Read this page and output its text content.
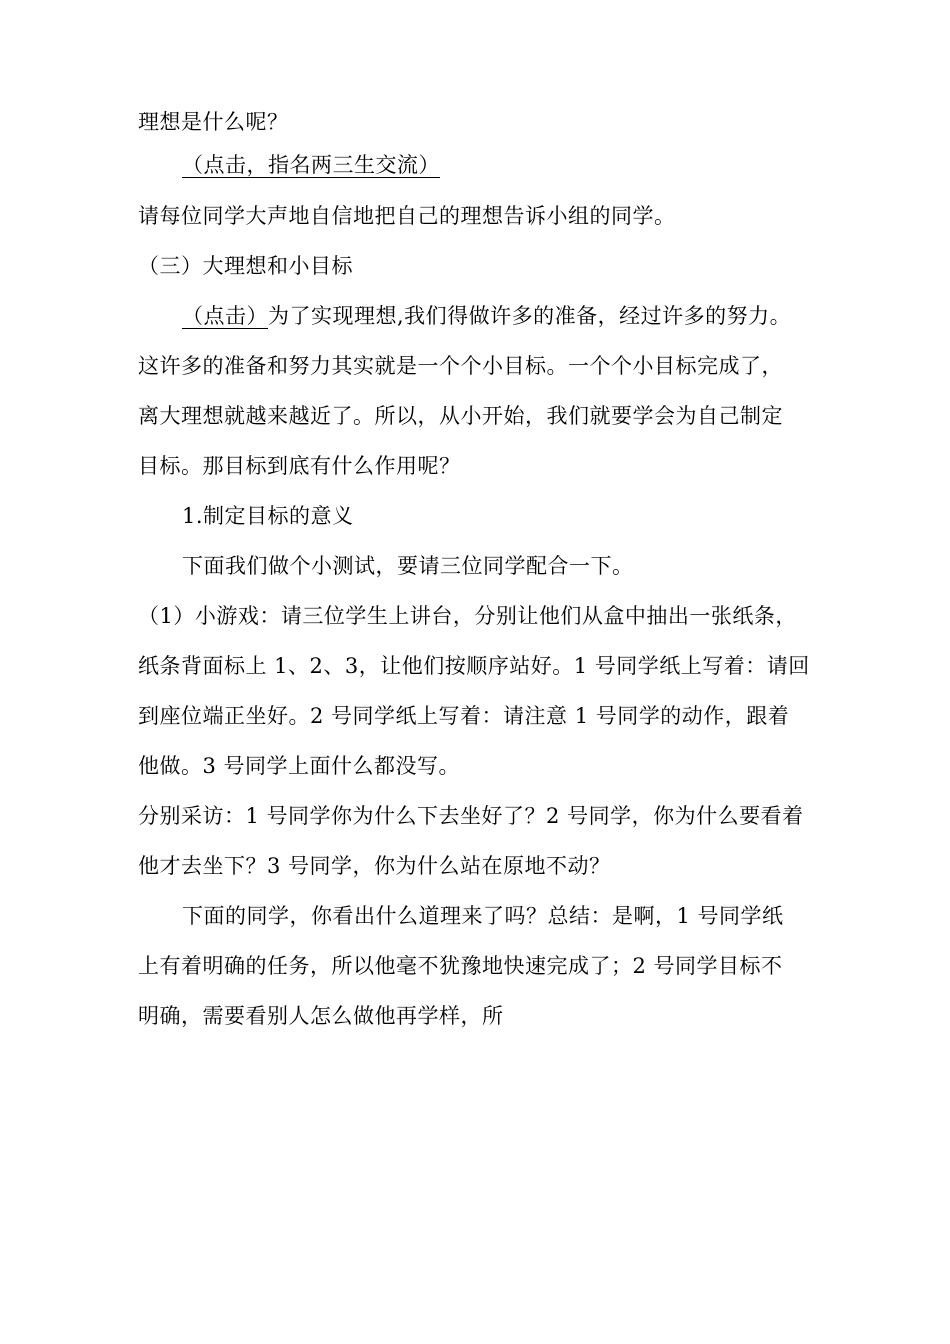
理想是什么呢？
（点击，指名两三生交流）
请每位同学大声地自信地把自己的理想告诉小组的同学。
（三）大理想和小目标
（点击）为了实现理想,我们得做许多的准备，经过许多的努力。
这许多的准备和努力其实就是一个个小目标。一个个小目标完成了，
离大理想就越来越近了。所以，从小开始，我们就要学会为自己制定
目标。那目标到底有什么作用呢？
1.制定目标的意义
下面我们做个小测试，要请三位同学配合一下。
（1）小游戏：请三位学生上讲台，分别让他们从盒中抽出一张纸条，
纸条背面标上 1、2、3，让他们按顺序站好。1 号同学纸上写着：请回
到座位端正坐好。2 号同学纸上写着：请注意 1 号同学的动作，跟着
他做。3 号同学上面什么都没写。
分别采访：1 号同学你为什么下去坐好了？2 号同学，你为什么要看着
他才去坐下？3 号同学，你为什么站在原地不动？
下面的同学，你看出什么道理来了吗？总结：是啊，1 号同学纸
上有着明确的任务，所以他毫不犹豫地快速完成了；2 号同学目标不
明确，需要看别人怎么做他再学样，所
